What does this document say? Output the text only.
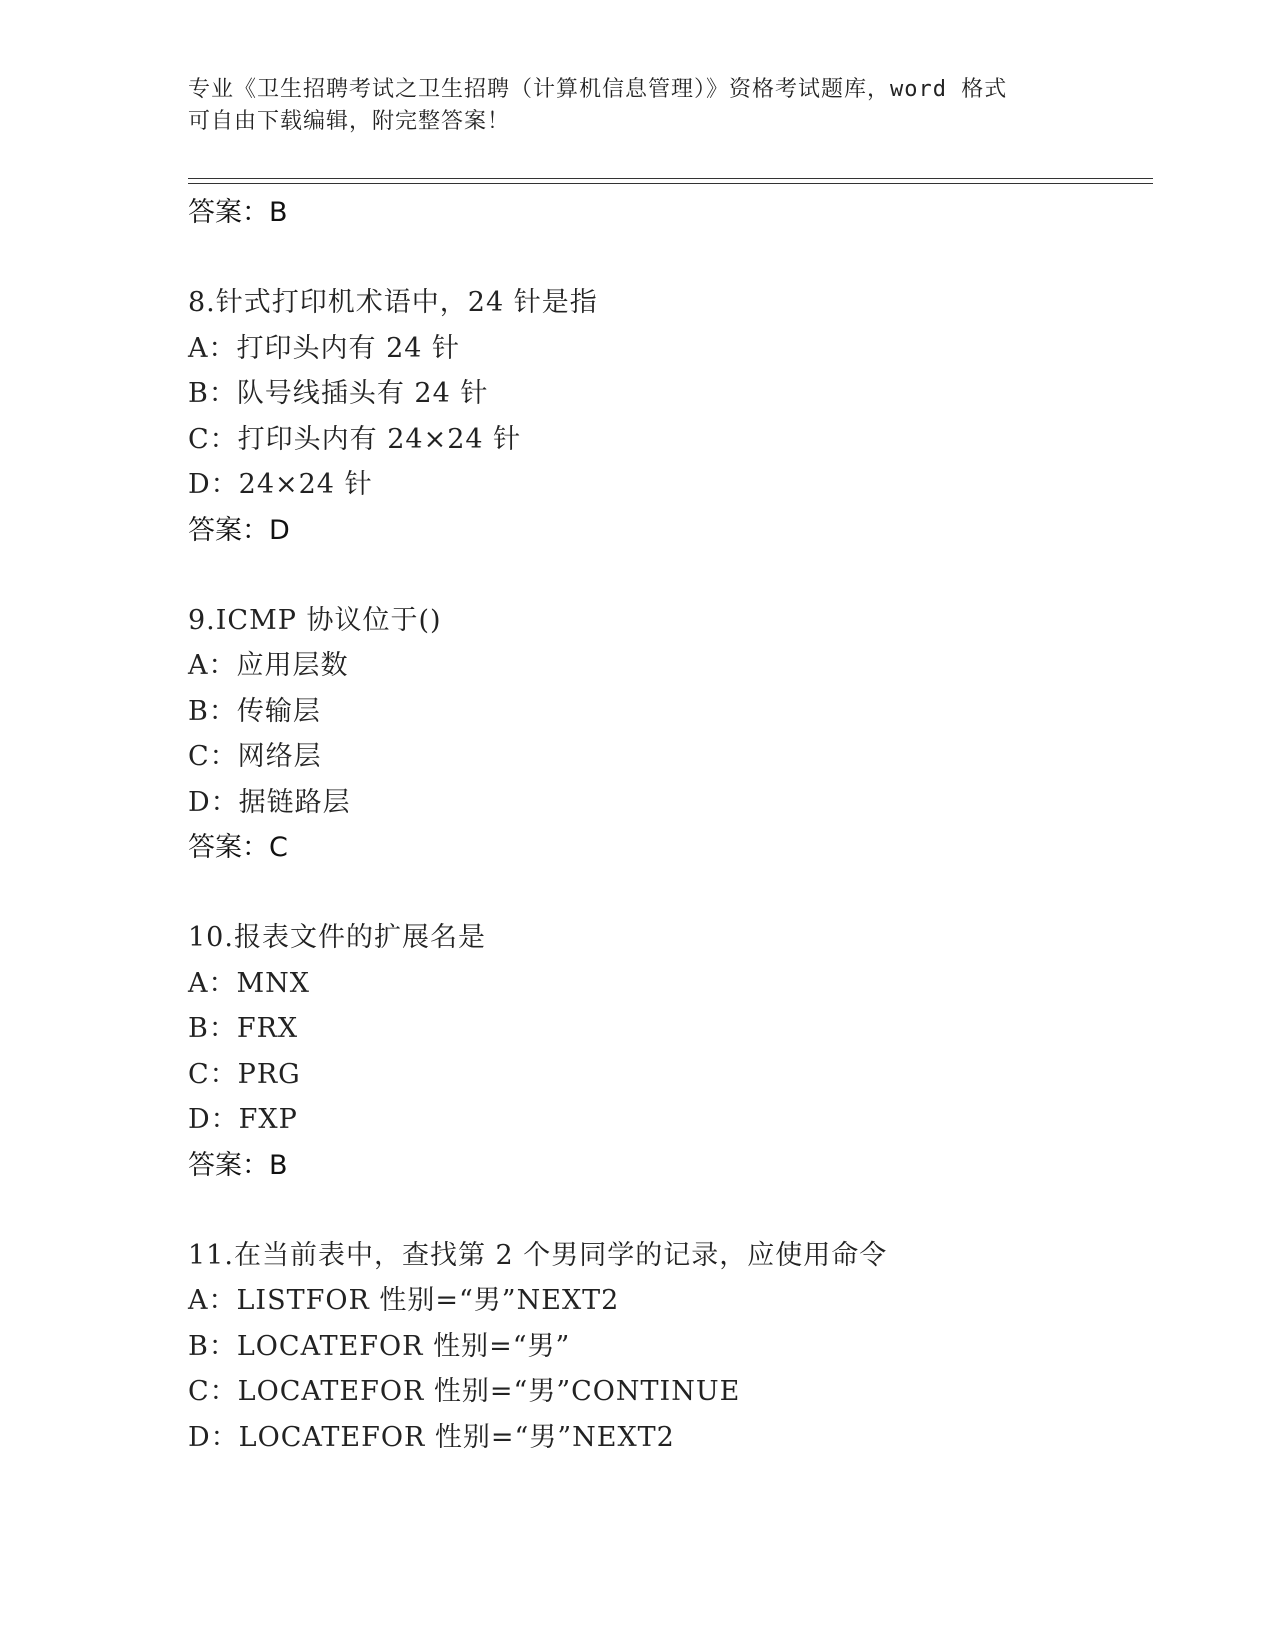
专业《卫生招聘考试之卫生招聘（计算机信息管理）》资格考试题库，word 格式
可自由下载编辑，附完整答案！
答案：B
8.针式打印机术语中，24 针是指
A：打印头内有 24 针
B：队号线插头有 24 针
C：打印头内有 24×24 针
D：24×24 针
答案：D
9.ICMP 协议位于()
A：应用层数
B：传输层
C：网络层
D：据链路层
答案：C
10.报表文件的扩展名是
A：MNX
B：FRX
C：PRG
D：FXP
答案：B
11.在当前表中，查找第 2 个男同学的记录，应使用命令
A：LISTFOR 性别=“男”NEXT2
B：LOCATEFOR 性别=“男”
C：LOCATEFOR 性别=“男”CONTINUE
D：LOCATEFOR 性别=“男”NEXT2
